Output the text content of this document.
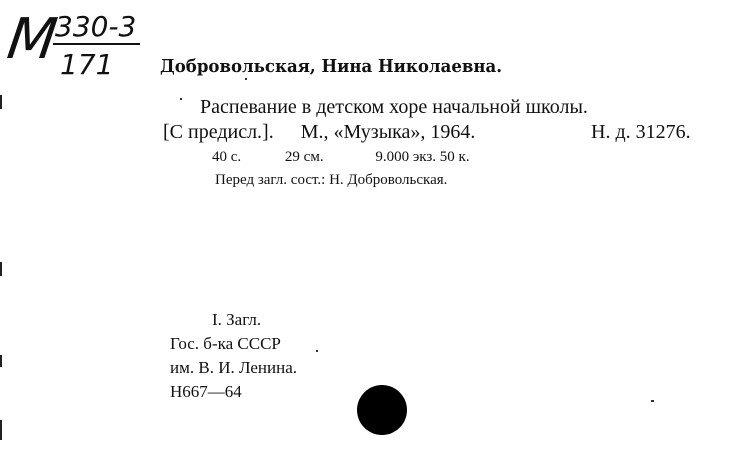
М
330-3
171	Добровольская, Нина Николаевна.
Распевание в детском хоре начальной школы.
[С предисл.]. М., «Музыка», 1964.	Н. д. 31276.
40 с.	29 см.	9.000 экз. 50 к.
Перед загл. сост.: Н. Добровольская.
I. Загл.
Гос. б-ка СССР
им. В. И. Ленина.
Н667—64
